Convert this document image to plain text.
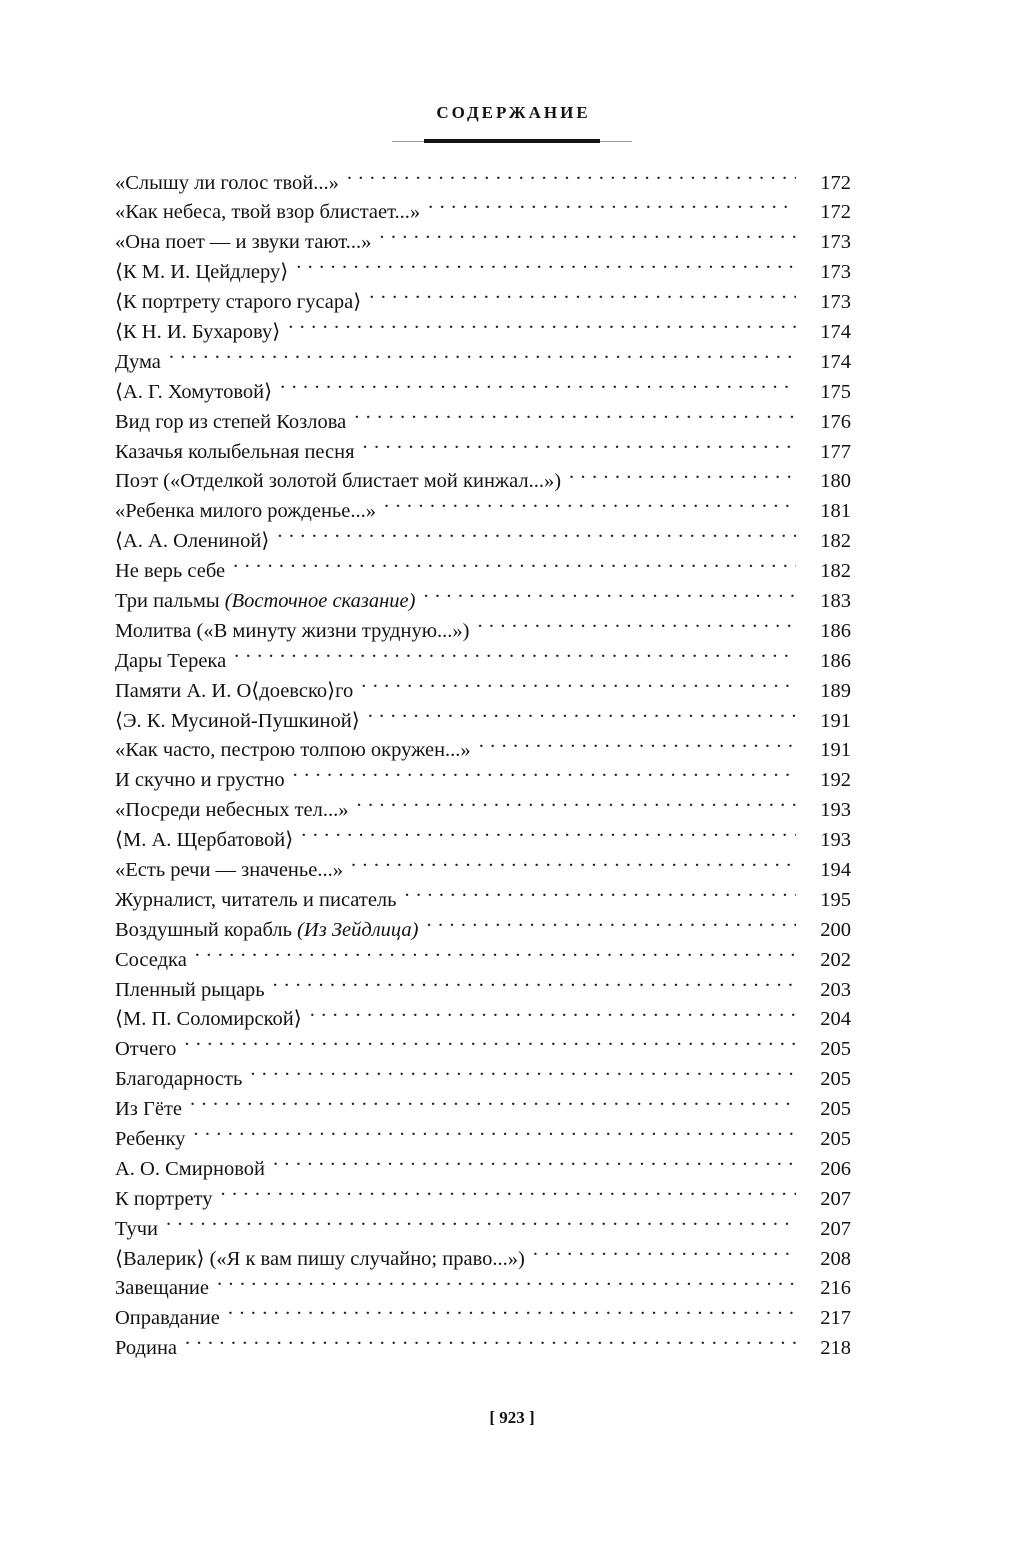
СОДЕРЖАНИЕ
«Слышу ли голос твой...» . . .	172
«Как небеса, твой взор блистает...» . . .	172
«Она поет — и звуки тают...» . . .	173
⟨К М. И. Цейдлеру⟩ . . .	173
⟨К портрету старого гусара⟩ . . .	173
⟨К Н. И. Бухарову⟩ . . .	174
Дума . . .	174
⟨А. Г. Хомутовой⟩ . . .	175
Вид гор из степей Козлова . . .	176
Казачья колыбельная песня . . .	177
Поэт («Отделкой золотой блистает мой кинжал...») . . .	180
«Ребенка милого рожденье...» . . .	181
⟨А. А. Олениной⟩ . . .	182
Не верь себе . . .	182
Три пальмы (Восточное сказание) . . .	183
Молитва («В минуту жизни трудную...») . . .	186
Дары Терека . . .	186
Памяти А. И. О⟨доевско⟩го . . .	189
⟨Э. К. Мусиной-Пушкиной⟩ . . .	191
«Как часто, пестрою толпою окружен...» . . .	191
И скучно и грустно . . .	192
«Посреди небесных тел...» . . .	193
⟨М. А. Щербатовой⟩ . . .	193
«Есть речи — значенье...» . . .	194
Журналист, читатель и писатель . . .	195
Воздушный корабль (Из Зейдлица) . . .	200
Соседка . . .	202
Пленный рыцарь . . .	203
⟨М. П. Соломирской⟩ . . .	204
Отчего . . .	205
Благодарность . . .	205
Из Гёте . . .	205
Ребенку . . .	205
А. О. Смирновой . . .	206
К портрету . . .	207
Тучи . . .	207
⟨Валерик⟩ («Я к вам пишу случайно; право...») . . .	208
Завещание . . .	216
Оправдание . . .	217
Родина . . .	218
[ 923 ]
